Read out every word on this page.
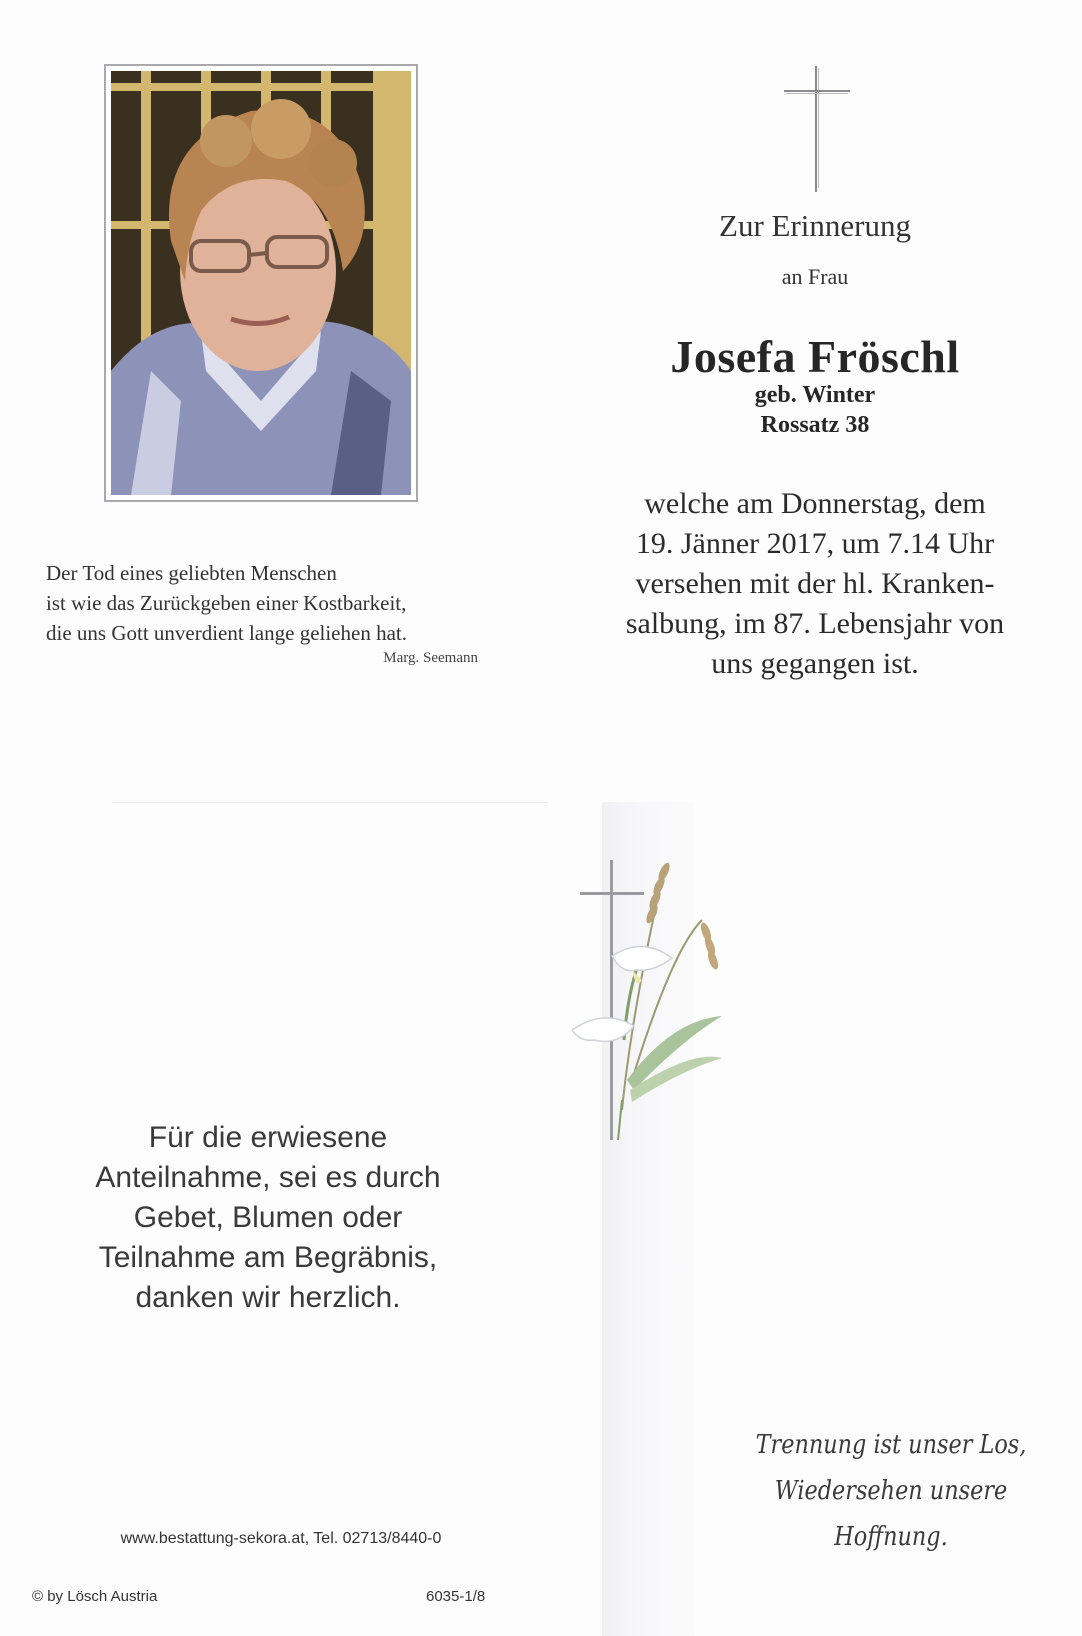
Zur Erinnerung
an Frau
Josefa Fröschl
geb. Winter
Rossatz 38
welche am Donnerstag, dem
19. Jänner 2017, um 7.14 Uhr
versehen mit der hl. Kranken-
salbung, im 87. Lebensjahr von
uns gegangen ist.
Der Tod eines geliebten Menschen
ist wie das Zurückgeben einer Kostbarkeit,
die uns Gott unverdient lange geliehen hat.
Marg. Seemann
Für die erwiesene
Anteilnahme, sei es durch
Gebet, Blumen oder
Teilnahme am Begräbnis,
danken wir herzlich.
Trennung ist unser Los,
Wiedersehen unsere Hoffnung.
www.bestattung-sekora.at, Tel. 02713/8440-0
© by Lösch Austria	6035-1/8
